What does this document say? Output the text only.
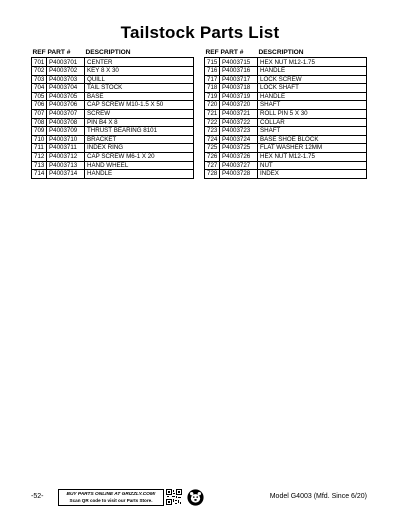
Tailstock Parts List
REF	PART #	DESCRIPTION
701	P4003701	CENTER
702	P4003702	KEY 8 X 30
703	P4003703	QUILL
704	P4003704	TAIL STOCK
705	P4003705	BASE
706	P4003706	CAP SCREW M10-1.5 X 50
707	P4003707	SCREW
708	P4003708	PIN B4 X 8
709	P4003709	THRUST BEARING 8101
710	P4003710	BRACKET
711	P4003711	INDEX RING
712	P4003712	CAP SCREW M6-1 X 20
713	P4003713	HAND WHEEL
714	P4003714	HANDLE
REF	PART #	DESCRIPTION
715	P4003715	HEX NUT M12-1.75
716	P4003716	HANDLE
717	P4003717	LOCK SCREW
718	P4003718	LOCK SHAFT
719	P4003719	HANDLE
720	P4003720	SHAFT
721	P4003721	ROLL PIN 5 X 30
722	P4003722	COLLAR
723	P4003723	SHAFT
724	P4003724	BASE SHOE BLOCK
725	P4003725	FLAT WASHER 12MM
726	P4003726	HEX NUT M12-1.75
727	P4003727	NUT
728	P4003728	INDEX
-52-	BUY PARTS ONLINE AT GRIZZLY.COM!
Scan QR code to visit our Parts Store.	Model G4003 (Mfd. Since 6/20)
